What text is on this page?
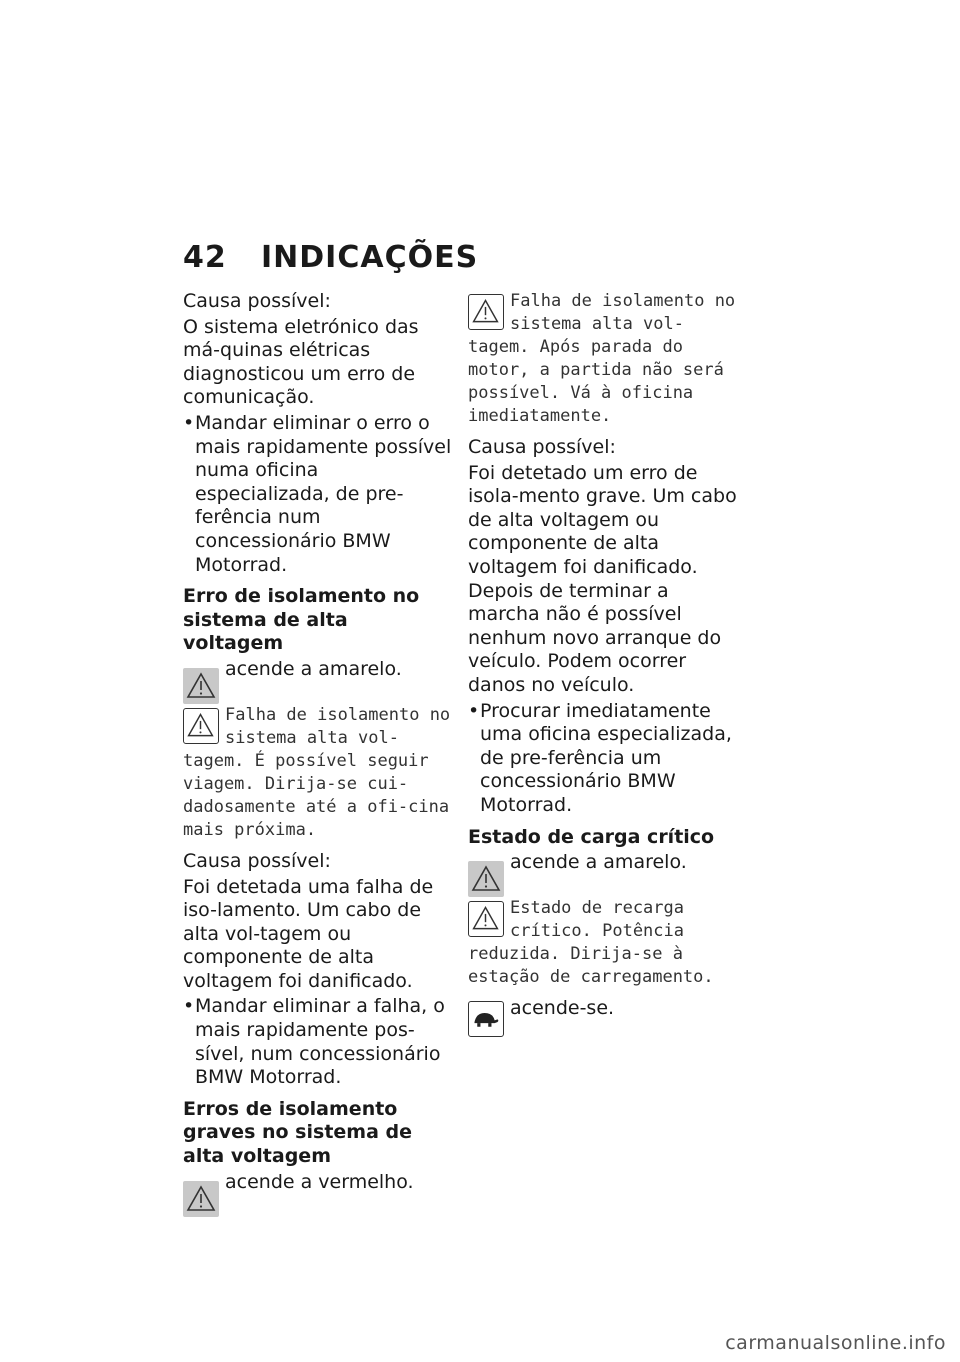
42 INDICAÇÕES
Causa possível:
O sistema eletrónico das má-quinas elétricas diagnosticou um erro de comunicação.
• Mandar eliminar o erro o mais rapidamente possível numa oficina especializada, de pre-ferência num concessionário BMW Motorrad.
Erro de isolamento no sistema de alta voltagem
acende a amarelo.
Falha de isolamento no sistema alta vol-tagem. É possível seguir viagem. Dirija-se cui-dadosamente até a ofi-cina mais próxima.
Causa possível:
Foi detetada uma falha de iso-lamento. Um cabo de alta vol-tagem ou componente de alta voltagem foi danificado.
• Mandar eliminar a falha, o mais rapidamente pos-sível, num concessionário BMW Motorrad.
Erros de isolamento graves no sistema de alta voltagem
acende a vermelho.
Falha de isolamento no sistema alta vol-tagem. Após parada do motor, a partida não será possível. Vá à oficina imediatamente.
Causa possível:
Foi detetado um erro de isola-mento grave. Um cabo de alta voltagem ou componente de alta voltagem foi danificado. Depois de terminar a marcha não é possível nenhum novo arranque do veículo. Podem ocorrer danos no veículo.
• Procurar imediatamente uma oficina especializada, de pre-ferência um concessionário BMW Motorrad.
Estado de carga crítico
acende a amarelo.
Estado de recarga crítico. Potência reduzida. Dirija-se à estação de carregamento.
acende-se.
carmanualsonline.info
